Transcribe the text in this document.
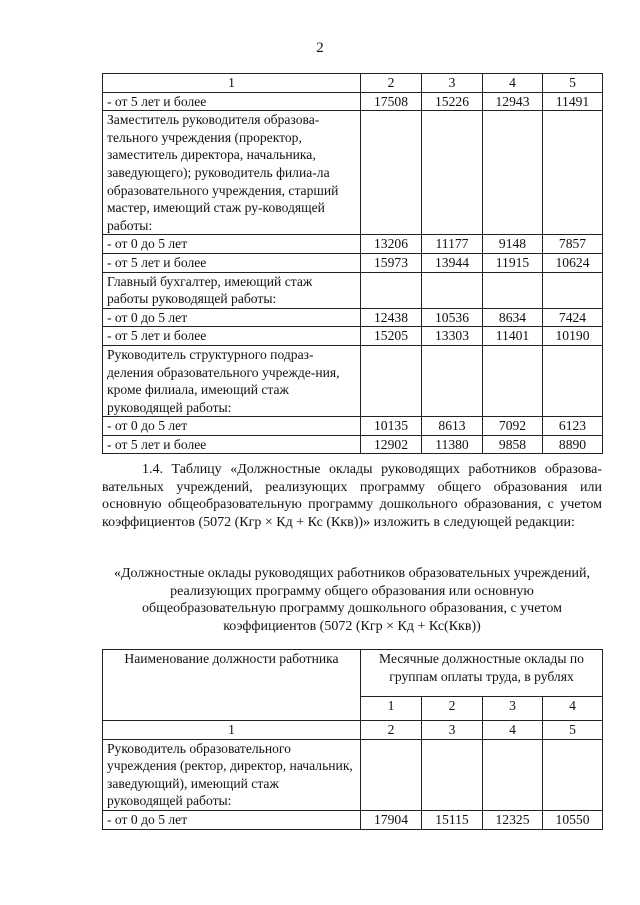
2
1	2	3	4	5
- от 5 лет и более	17508	15226	12943	11491
Заместитель руководителя образова-тельного учреждения (проректор, заместитель директора, начальника, заведующего); руководитель филиа-ла образовательного учреждения, старший мастер, имеющий стаж ру-ководящей работы:				
- от 0 до 5 лет	13206	11177	9148	7857
- от 5 лет и более	15973	13944	11915	10624
Главный бухгалтер, имеющий стаж работы руководящей работы:				
- от 0 до 5 лет	12438	10536	8634	7424
- от 5 лет и более	15205	13303	11401	10190
Руководитель структурного подраз-деления образовательного учрежде-ния, кроме филиала, имеющий стаж руководящей работы:				
- от 0 до 5 лет	10135	8613	7092	6123
- от 5 лет и более	12902	11380	9858	8890
1.4. Таблицу «Должностные оклады руководящих работников образова-вательных учреждений, реализующих программу общего образования или основную общеобразовательную программу дошкольного образования, с учетом коэффициентов (5072 (Кгр × Кд + Кс (Ккв))» изложить в следующей редакции:
«Должностные оклады руководящих работников образовательных учреждений, реализующих программу общего образования или основную общеобразовательную программу дошкольного образования, с учетом коэффициентов (5072 (Кгр × Кд + Кс(Ккв))
Наименование должности работника	Месячные должностные оклады по группам оплаты труда, в рублях			
	1	2	3	4
1	2	3	4	5
Руководитель образовательного учреждения (ректор, директор, начальник, заведующий), имеющий стаж руководящей работы:				
- от 0 до 5 лет	17904	15115	12325	10550
